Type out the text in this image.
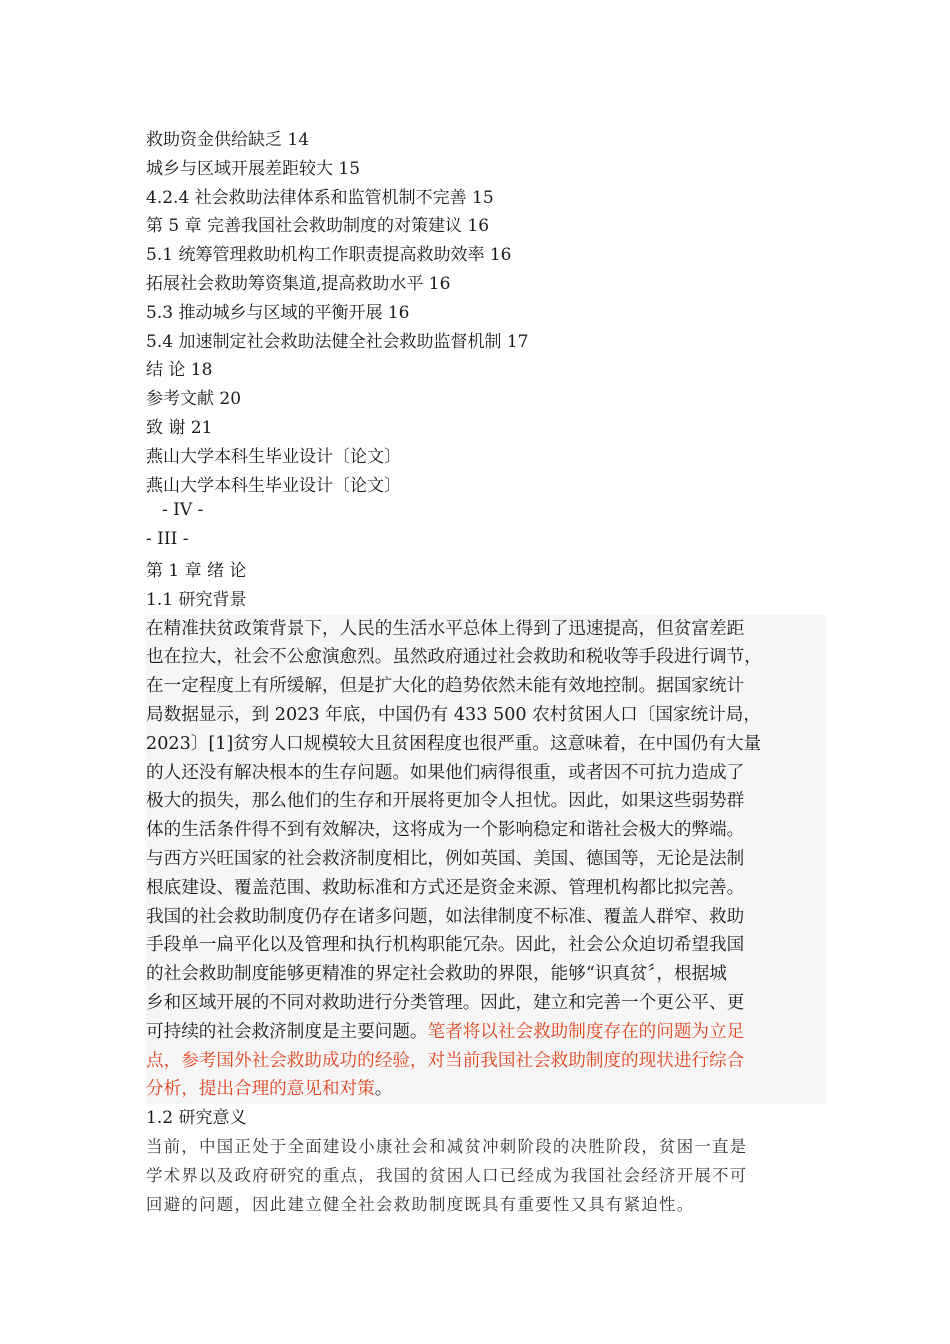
救助资金供给缺乏 14
城乡与区域开展差距较大 15
4.2.4 社会救助法律体系和监管机制不完善 15
第 5 章 完善我国社会救助制度的对策建议 16
5.1 统筹管理救助机构工作职责提高救助效率 16
拓展社会救助筹资集道,提高救助水平 16
5.3 推动城乡与区域的平衡开展 16
5.4 加速制定社会救助法健全社会救助监督机制 17
结 论 18
参考文献 20
致 谢 21
燕山大学本科生毕业设计〔论文〕
燕山大学本科生毕业设计〔论文〕
- IV -
- III -
第 1 章 绪 论
1.1 研究背景
在精准扶贫政策背景下，人民的生活水平总体上得到了迅速提高，但贫富差距
也在拉大，社会不公愈演愈烈。虽然政府通过社会救助和税收等手段进行调节，
在一定程度上有所缓解，但是扩大化的趋势依然未能有效地控制。据国家统计
局数据显示，到 2023 年底，中国仍有 433 500 农村贫困人口〔国家统计局，
2023〕[1]贫穷人口规模较大且贫困程度也很严重。这意味着，在中国仍有大量
的人还没有解决根本的生存问题。如果他们病得很重，或者因不可抗力造成了
极大的损失，那么他们的生存和开展将更加令人担忧。因此，如果这些弱势群
体的生活条件得不到有效解决，这将成为一个影响稳定和谐社会极大的弊端。
与西方兴旺国家的社会救济制度相比，例如英国、美国、德国等，无论是法制
根底建设、覆盖范围、救助标准和方式还是资金来源、管理机构都比拟完善。
我国的社会救助制度仍存在诸多问题，如法律制度不标准、覆盖人群窄、救助
手段单一扁平化以及管理和执行机构职能冗杂。因此，社会公众迫切希望我国
的社会救助制度能够更精准的界定社会救助的界限，能够“识真贫〞，根据城
乡和区域开展的不同对救助进行分类管理。因此，建立和完善一个更公平、更
可持续的社会救济制度是主要问题。笔者将以社会救助制度存在的问题为立足
点，参考国外社会救助成功的经验，对当前我国社会救助制度的现状进行综合
分析，提出合理的意见和对策。
1.2 研究意义
当前，中国正处于全面建设小康社会和减贫冲刺阶段的决胜阶段，贫困一直是
学术界以及政府研究的重点，我国的贫困人口已经成为我国社会经济开展不可
回避的问题，因此建立健全社会救助制度既具有重要性又具有紧迫性。
